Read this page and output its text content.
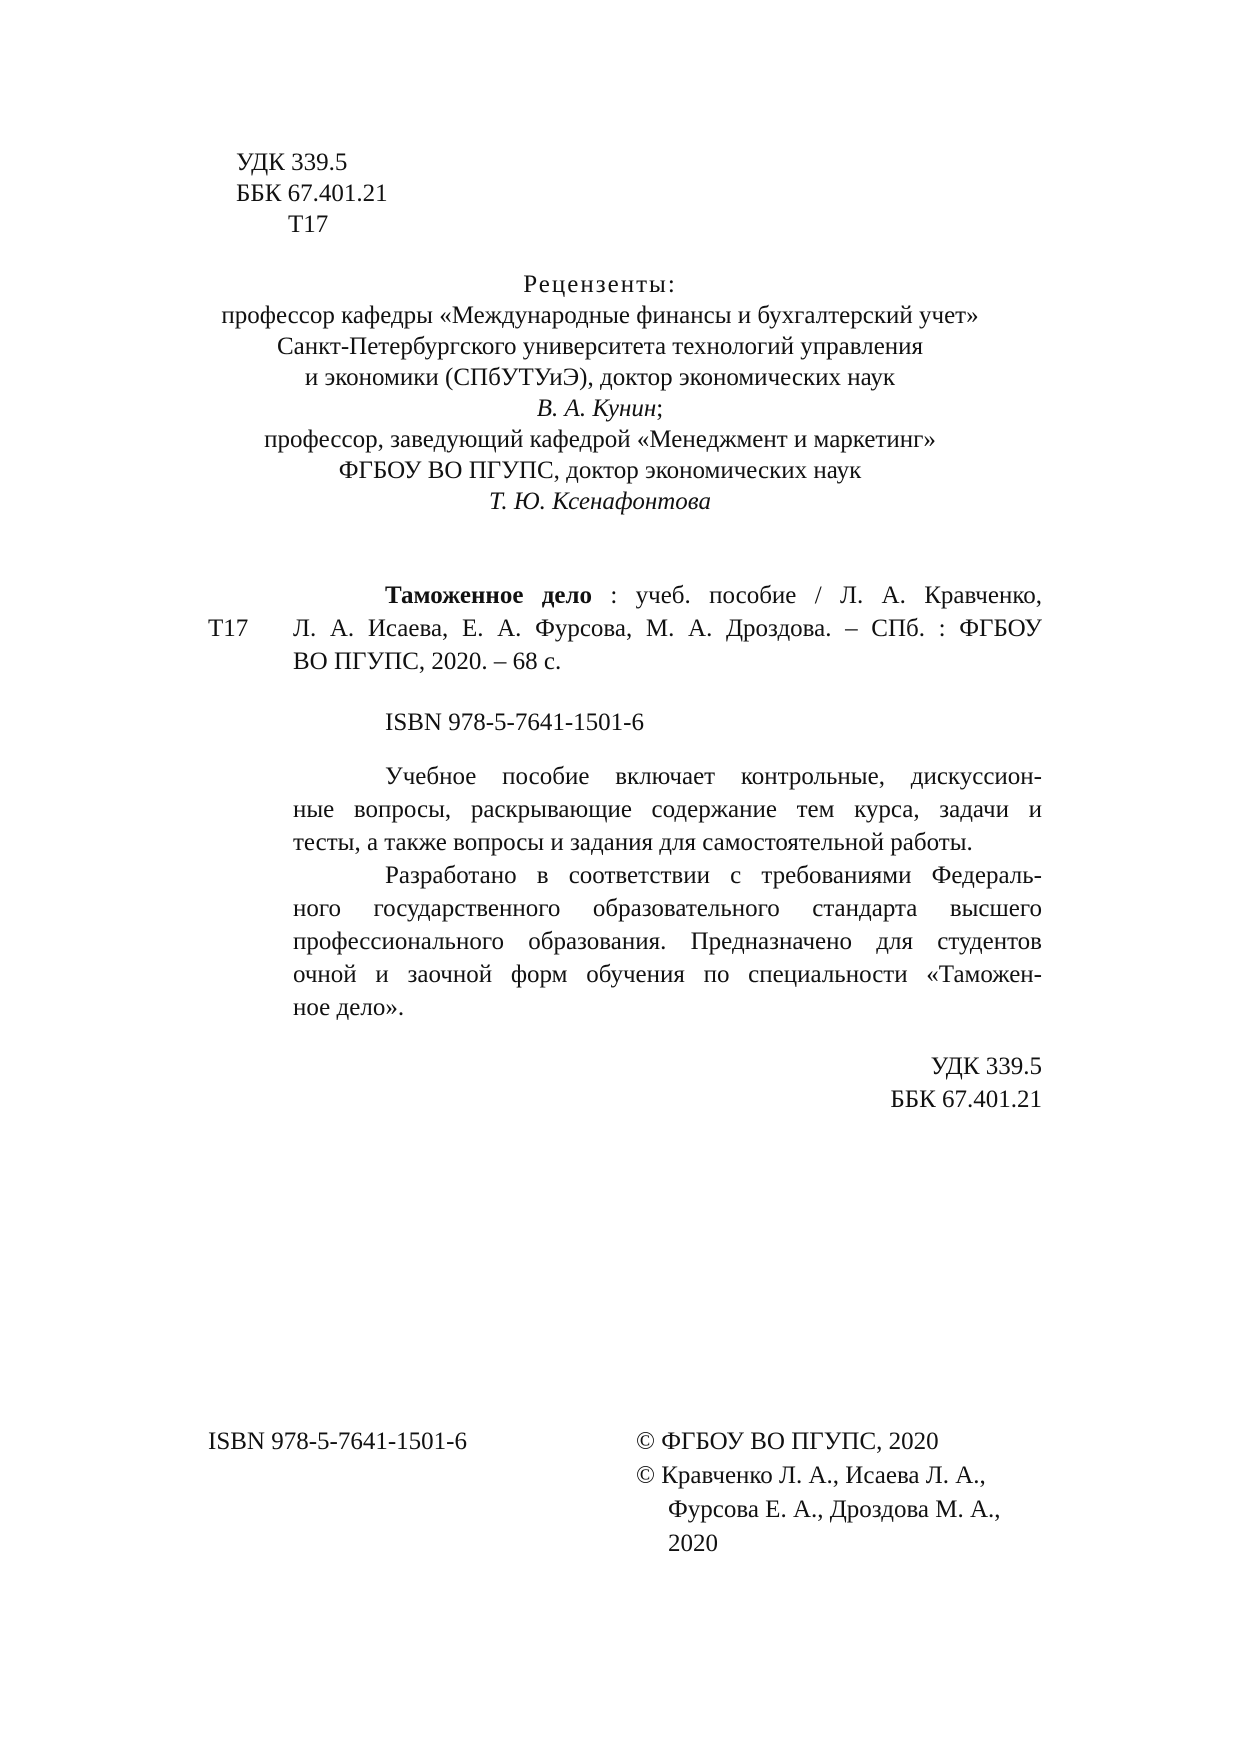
УДК 339.5
ББК 67.401.21
Т17
Рецензенты:
профессор кафедры «Международные финансы и бухгалтерский учет»
Санкт-Петербургского университета технологий управления
и экономики (СПбУТУиЭ), доктор экономических наук
В. А. Кунин;
профессор, заведующий кафедрой «Менеджмент и маркетинг»
ФГБОУ ВО ПГУПС, доктор экономических наук
Т. Ю. Ксенафонтова
Т17
Таможенное дело : учеб. пособие / Л. А. Кравченко,
Л. А. Исаева, Е. А. Фурсова, М. А. Дроздова. – СПб. : ФГБОУ
ВО ПГУПС, 2020. – 68 с.
ISBN 978-5-7641-1501-6
Учебное пособие включает контрольные, дискуссион-
ные вопросы, раскрывающие содержание тем курса, задачи и
тесты, а также вопросы и задания для самостоятельной работы.
Разработано в соответствии с требованиями Федераль-
ного государственного образовательного стандарта высшего
профессионального образования. Предназначено для студентов
очной и заочной форм обучения по специальности «Таможен-
ное дело».
УДК 339.5
ББК 67.401.21
ISBN 978-5-7641-1501-6	© ФГБОУ ВО ПГУПС, 2020
© Кравченко Л. А., Исаева Л. А.,
Фурсова Е. А., Дроздова М. А.,
2020
